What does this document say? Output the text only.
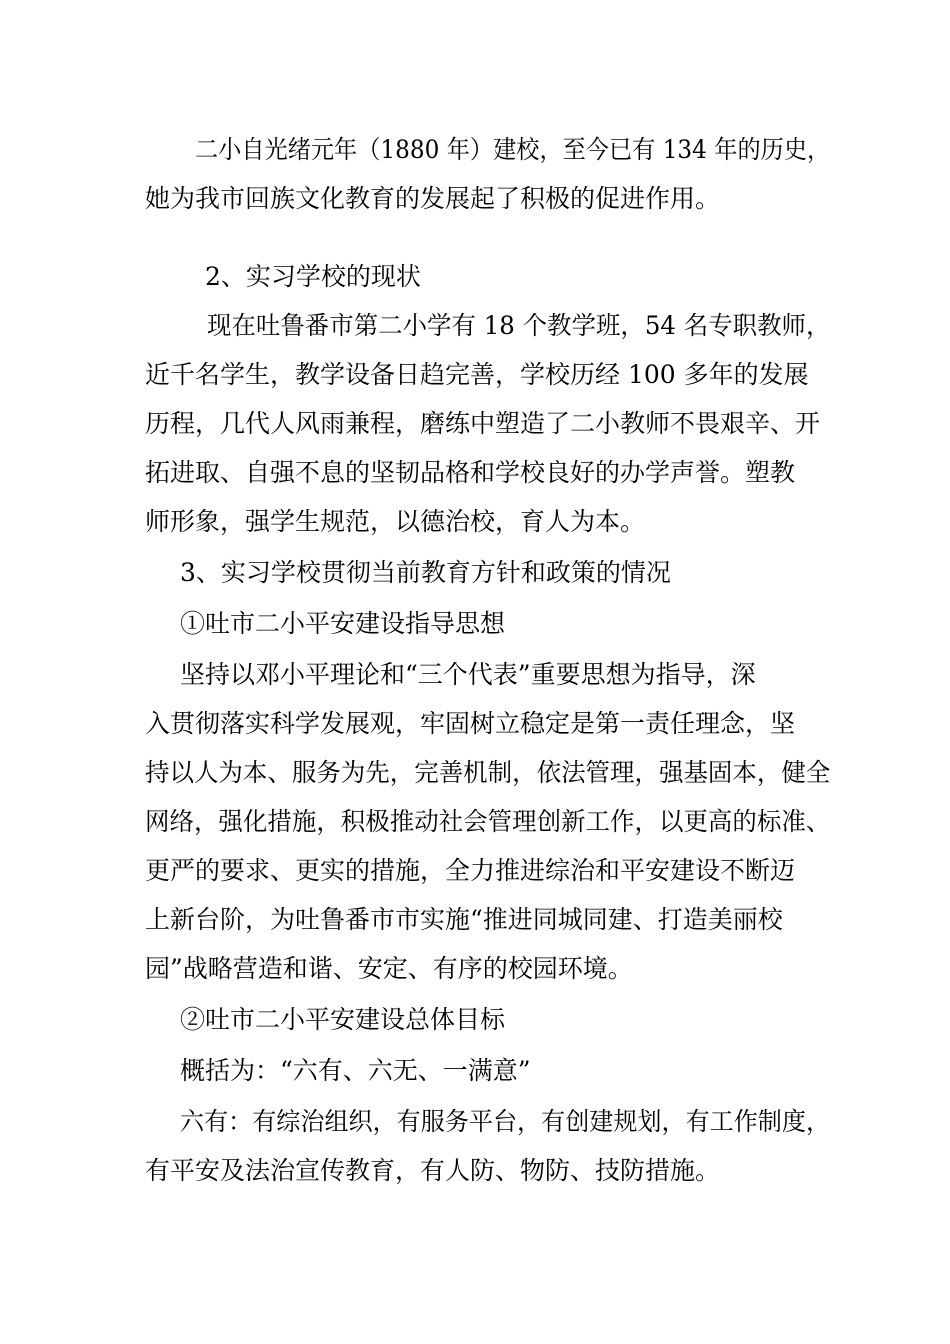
二小自光绪元年（1880 年）建校，至今已有 134 年的历史，
她为我市回族文化教育的发展起了积极的促进作用。
2、实习学校的现状
现在吐鲁番市第二小学有 18 个教学班，54 名专职教师，
近千名学生，教学设备日趋完善，学校历经 100 多年的发展
历程，几代人风雨兼程，磨练中塑造了二小教师不畏艰辛、开
拓进取、自强不息的坚韧品格和学校良好的办学声誉。塑教
师形象，强学生规范，以德治校，育人为本。
3、实习学校贯彻当前教育方针和政策的情况
①吐市二小平安建设指导思想
坚持以邓小平理论和“三个代表”重要思想为指导，深
入贯彻落实科学发展观，牢固树立稳定是第一责任理念，坚
持以人为本、服务为先，完善机制，依法管理，强基固本，健全
网络，强化措施，积极推动社会管理创新工作，以更高的标准、
更严的要求、更实的措施，全力推进综治和平安建设不断迈
上新台阶，为吐鲁番市市实施“推进同城同建、打造美丽校
园”战略营造和谐、安定、有序的校园环境。
②吐市二小平安建设总体目标
概括为：“六有、六无、一满意”
六有：有综治组织，有服务平台，有创建规划，有工作制度，
有平安及法治宣传教育，有人防、物防、技防措施。
